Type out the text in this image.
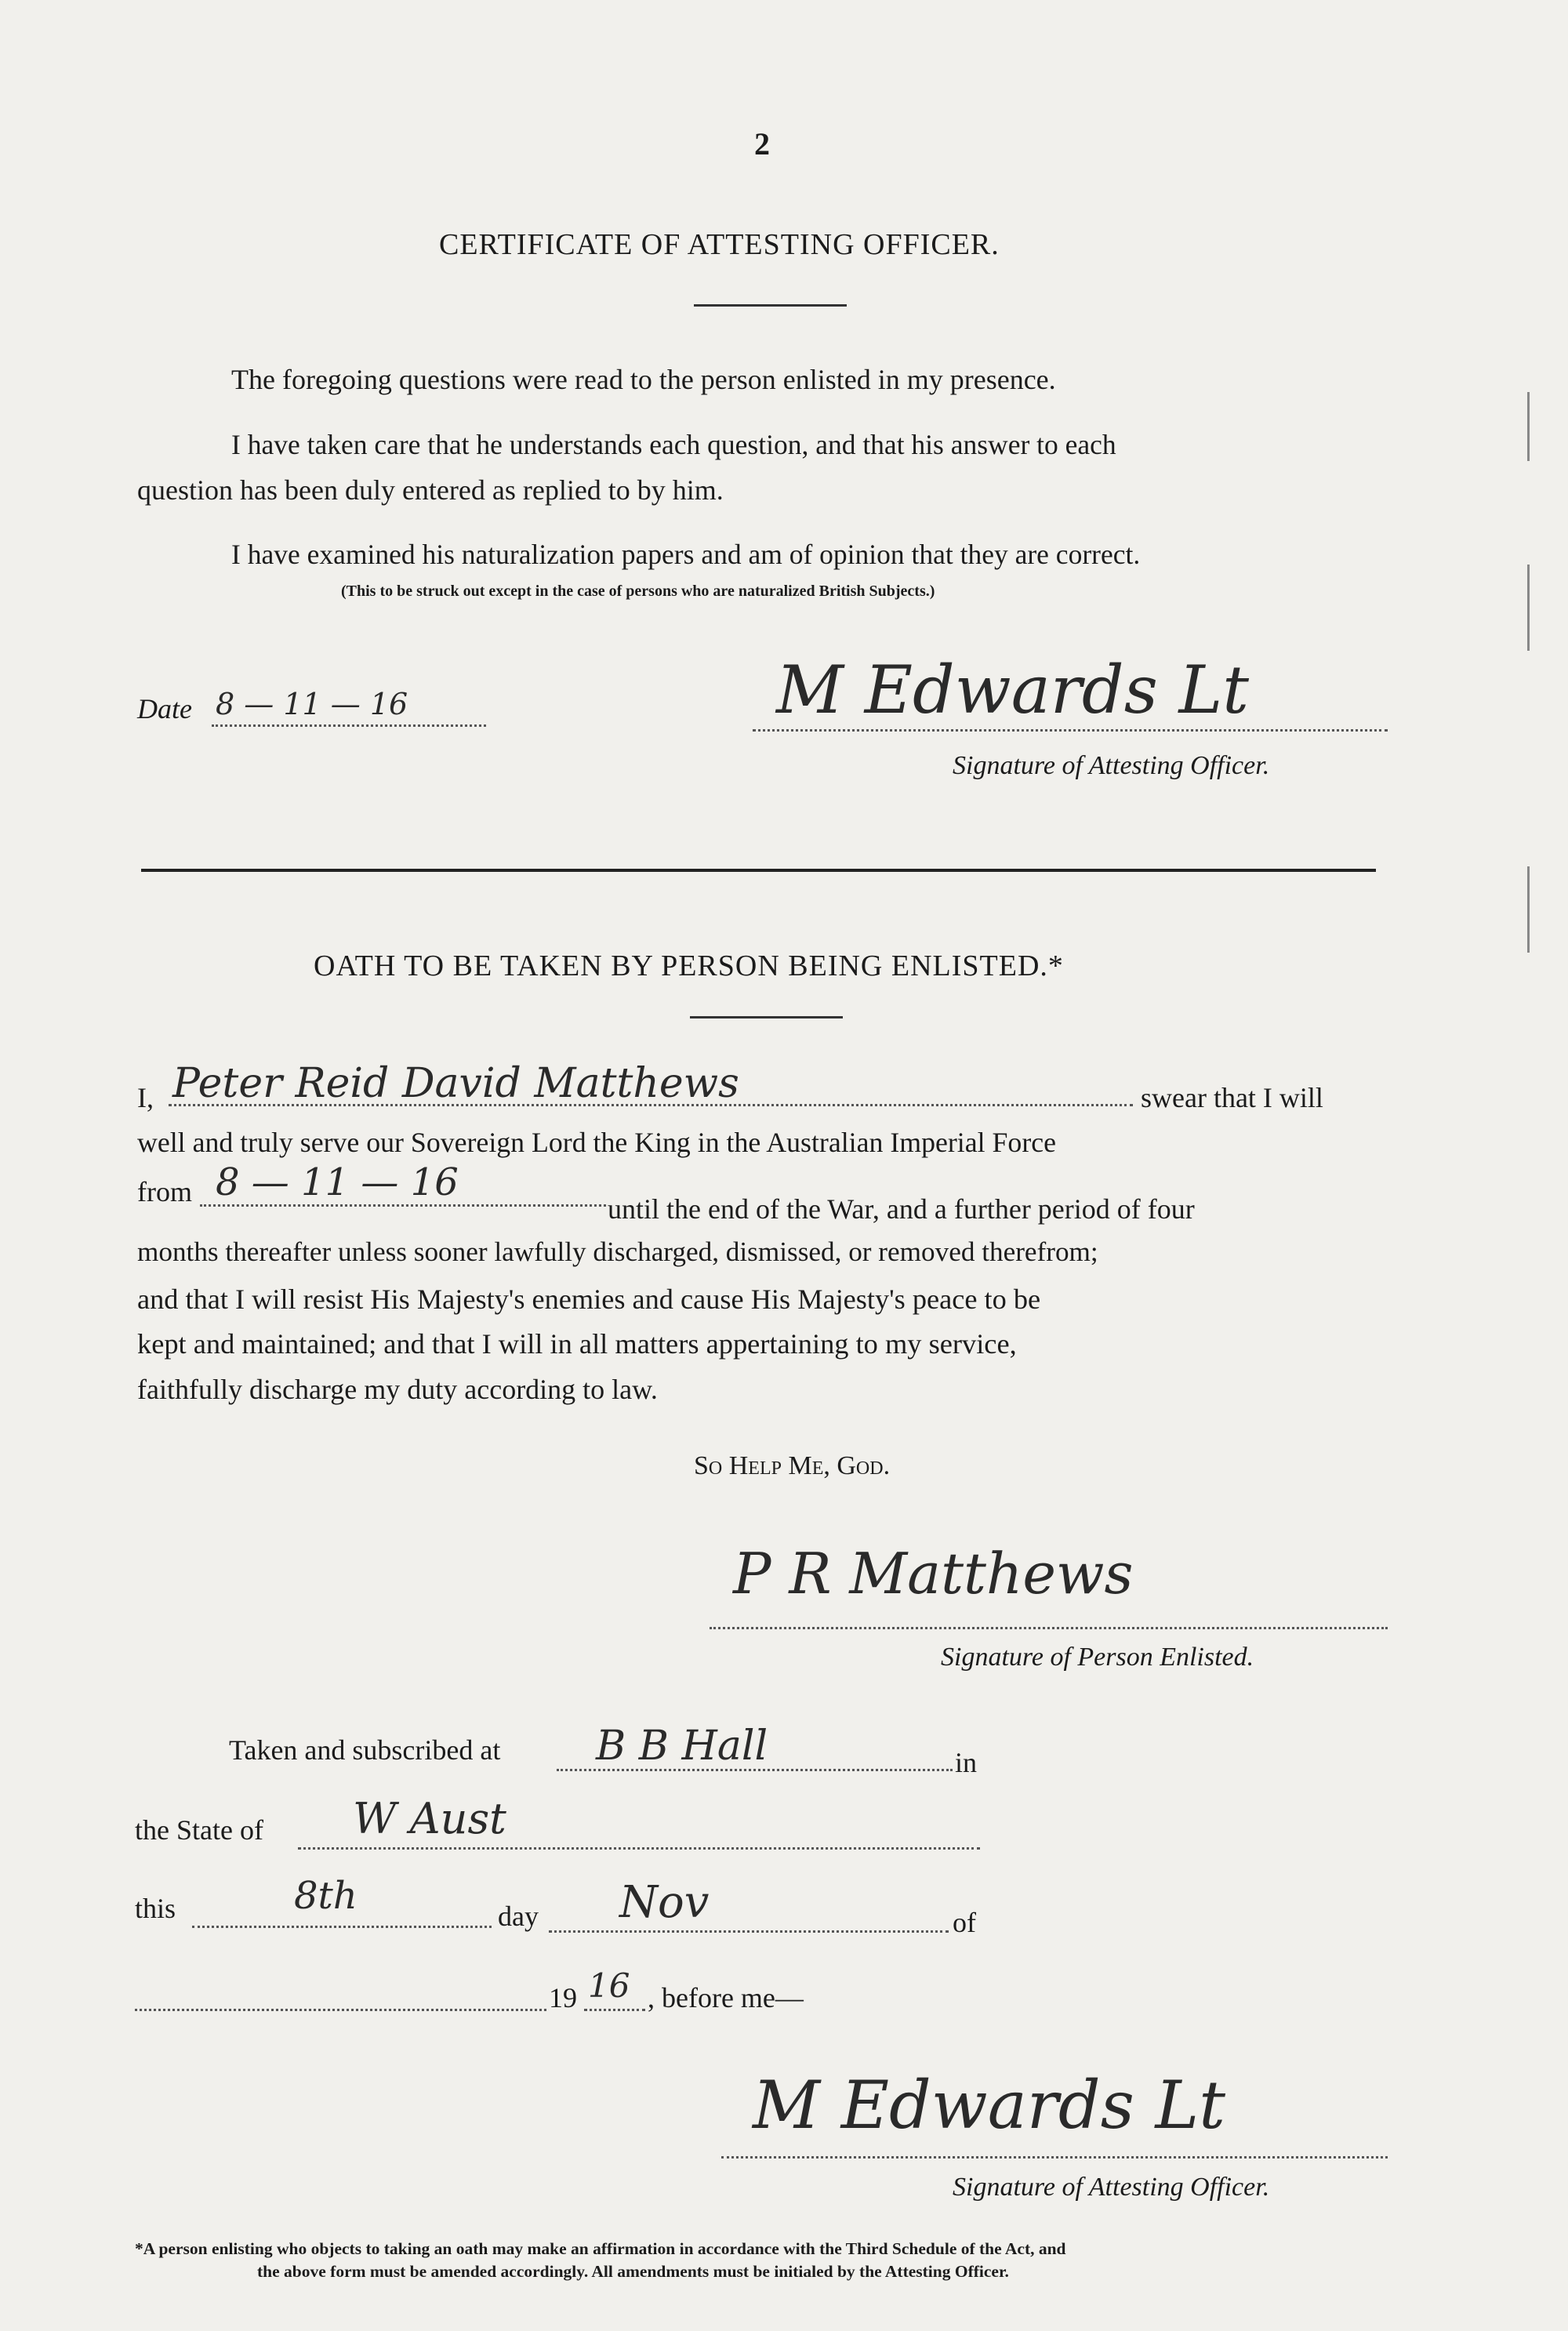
2
CERTIFICATE OF ATTESTING OFFICER.
The foregoing questions were read to the person enlisted in my presence.
I have taken care that he understands each question, and that his answer to each
question has been duly entered as replied to by him.
I have examined his naturalization papers and am of opinion that they are correct.
(This to be struck out except in the case of persons who are naturalized British Subjects.)
Date 8 — 11 — 16	M Edwards Lt
Signature of Attesting Officer.
OATH TO BE TAKEN BY PERSON BEING ENLISTED.*
I, Peter Reid David Matthews	swear that I will
well and truly serve our Sovereign Lord the King in the Australian Imperial Force
from 8 — 11 — 16
until the end of the War, and a further period of four
months thereafter unless sooner lawfully discharged, dismissed, or removed therefrom;
and that I will resist His Majesty's enemies and cause His Majesty's peace to be
kept and maintained; and that I will in all matters appertaining to my service,
faithfully discharge my duty according to law.
So Help Me, God.
P R Matthews
Signature of Person Enlisted.
Taken and subscribed at B B Hall	in
the State of W Aust
this	8th	day Nov	of
19 16 , before me—
M Edwards Lt
Signature of Attesting Officer.
*A person enlisting who objects to taking an oath may make an affirmation in accordance with the Third Schedule of the Act, and
the above form must be amended accordingly. All amendments must be initialed by the Attesting Officer.
